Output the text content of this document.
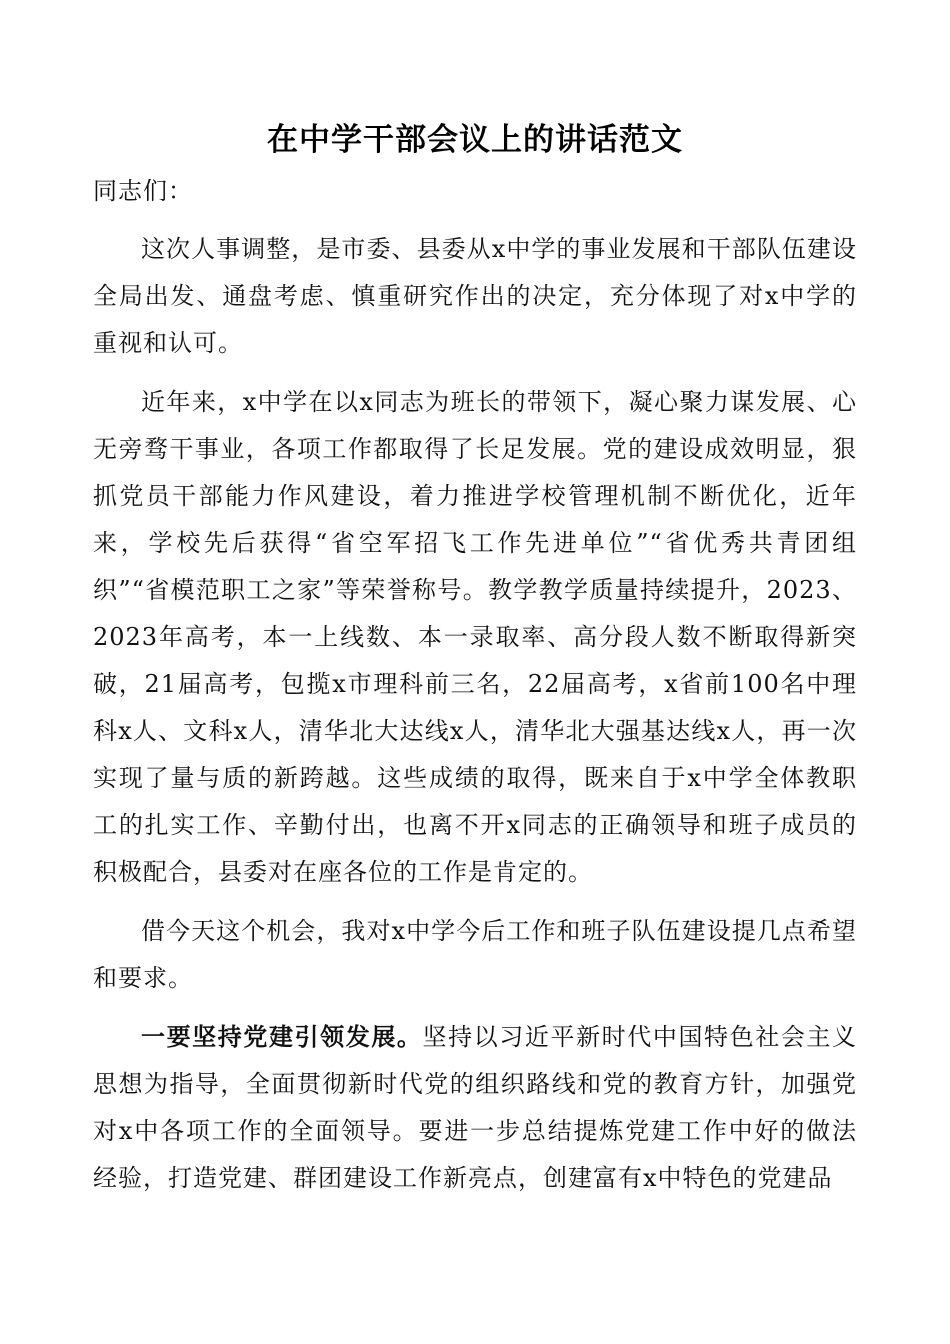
在中学干部会议上的讲话范文

同志们：

这次人事调整，是市委、县委从x中学的事业发展和干部队伍建设全局出发、通盘考虑、慎重研究作出的决定，充分体现了对x中学的重视和认可。

近年来，x中学在以x同志为班长的带领下，凝心聚力谋发展、心无旁骛干事业，各项工作都取得了长足发展。党的建设成效明显，狠抓党员干部能力作风建设，着力推进学校管理机制不断优化，近年来，学校先后获得“省空军招飞工作先进单位”“省优秀共青团组织”“省模范职工之家”等荣誉称号。教学教学质量持续提升，2023、2023年高考，本一上线数、本一录取率、高分段人数不断取得新突破，21届高考，包揽x市理科前三名，22届高考，x省前100名中理科x人、文科x人，清华北大达线x人，清华北大强基达线x人，再一次实现了量与质的新跨越。这些成绩的取得，既来自于x中学全体教职工的扎实工作、辛勤付出，也离不开x同志的正确领导和班子成员的积极配合，县委对在座各位的工作是肯定的。

借今天这个机会，我对x中学今后工作和班子队伍建设提几点希望和要求。

一要坚持党建引领发展。坚持以习近平新时代中国特色社会主义思想为指导，全面贯彻新时代党的组织路线和党的教育方针，加强党对x中各项工作的全面领导。要进一步总结提炼党建工作中好的做法经验，打造党建、群团建设工作新亮点，创建富有x中特色的党建品
